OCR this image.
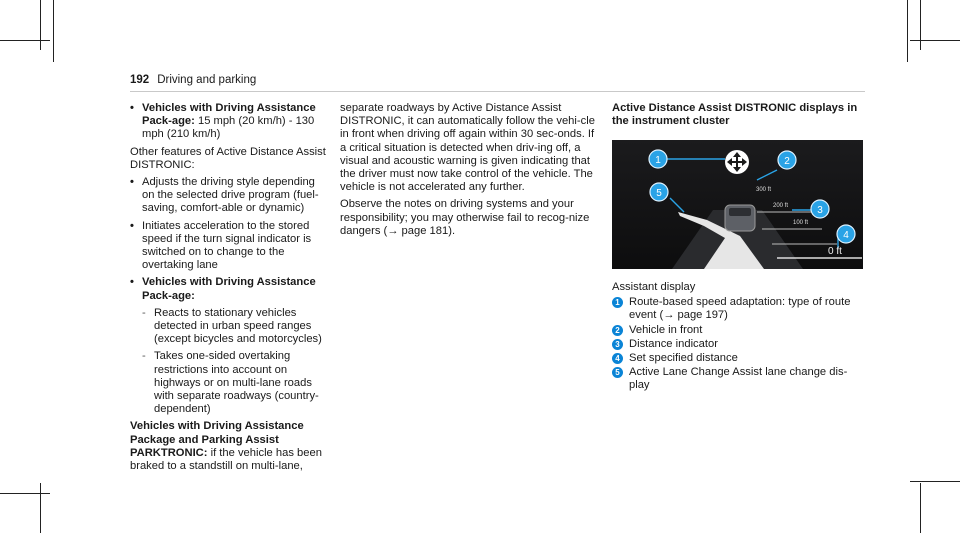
192 Driving and parking
• Vehicles with Driving Assistance Pack-age: 15 mph (20 km/h) - 130 mph (210 km/h)

Other features of Active Distance Assist DISTRONIC:

• Adjusts the driving style depending on the selected drive program (fuel-saving, comfort-able or dynamic)
• Initiates acceleration to the stored speed if the turn signal indicator is switched on to change to the overtaking lane
• Vehicles with Driving Assistance Pack-age:
- Reacts to stationary vehicles detected in urban speed ranges (except bicycles and motorcycles)
- Takes one-sided overtaking restrictions into account on highways or on multi-lane roads with separate roadways (country-dependent)

Vehicles with Driving Assistance Package and Parking Assist PARKTRONIC: if the vehicle has been braked to a standstill on multi-lane,

separate roadways by Active Distance Assist DISTRONIC, it can automatically follow the vehi-cle in front when driving off again within 30 sec-onds. If a critical situation is detected when driv-ing off, a visual and acoustic warning is given indicating that the driver must now take control of the vehicle. The vehicle is not accelerated any further.

Observe the notes on driving systems and your responsibility; you may otherwise fail to recog-nize dangers (→ page 181).

Active Distance Assist DISTRONIC displays in the instrument cluster

1	2
3
4
5	300 ft
200 ft
100 ft
0 ft

Assistant display

1 Route-based speed adaptation: type of route event (→ page 197)
2 Vehicle in front
3 Distance indicator
4 Set specified distance
5 Active Lane Change Assist lane change dis-play
